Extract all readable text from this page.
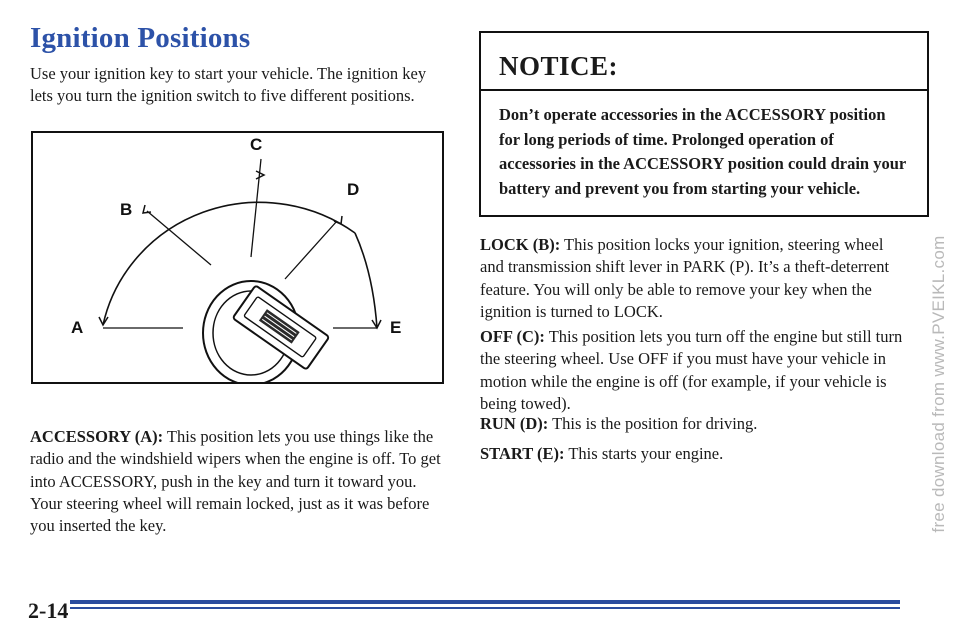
Ignition Positions

Use your ignition key to start your vehicle. The ignition key lets you turn the ignition switch to five different positions.

C
B
D
A	E

ACCESSORY (A): This position lets you use things like the radio and the windshield wipers when the engine is off. To get into ACCESSORY, push in the key and turn it toward you. Your steering wheel will remain locked, just as it was before you inserted the key.

NOTICE:

Don’t operate accessories in the ACCESSORY position for long periods of time. Prolonged operation of accessories in the ACCESSORY position could drain your battery and prevent you from starting your vehicle.

LOCK (B): This position locks your ignition, steering wheel and transmission shift lever in PARK (P). It’s a theft-deterrent feature. You will only be able to remove your key when the ignition is turned to LOCK.

OFF (C): This position lets you turn off the engine but still turn the steering wheel. Use OFF if you must have your vehicle in motion while the engine is off (for example, if your vehicle is being towed).

RUN (D): This is the position for driving.

START (E): This starts your engine.

2-14

free download from www.PVEIKL.com
